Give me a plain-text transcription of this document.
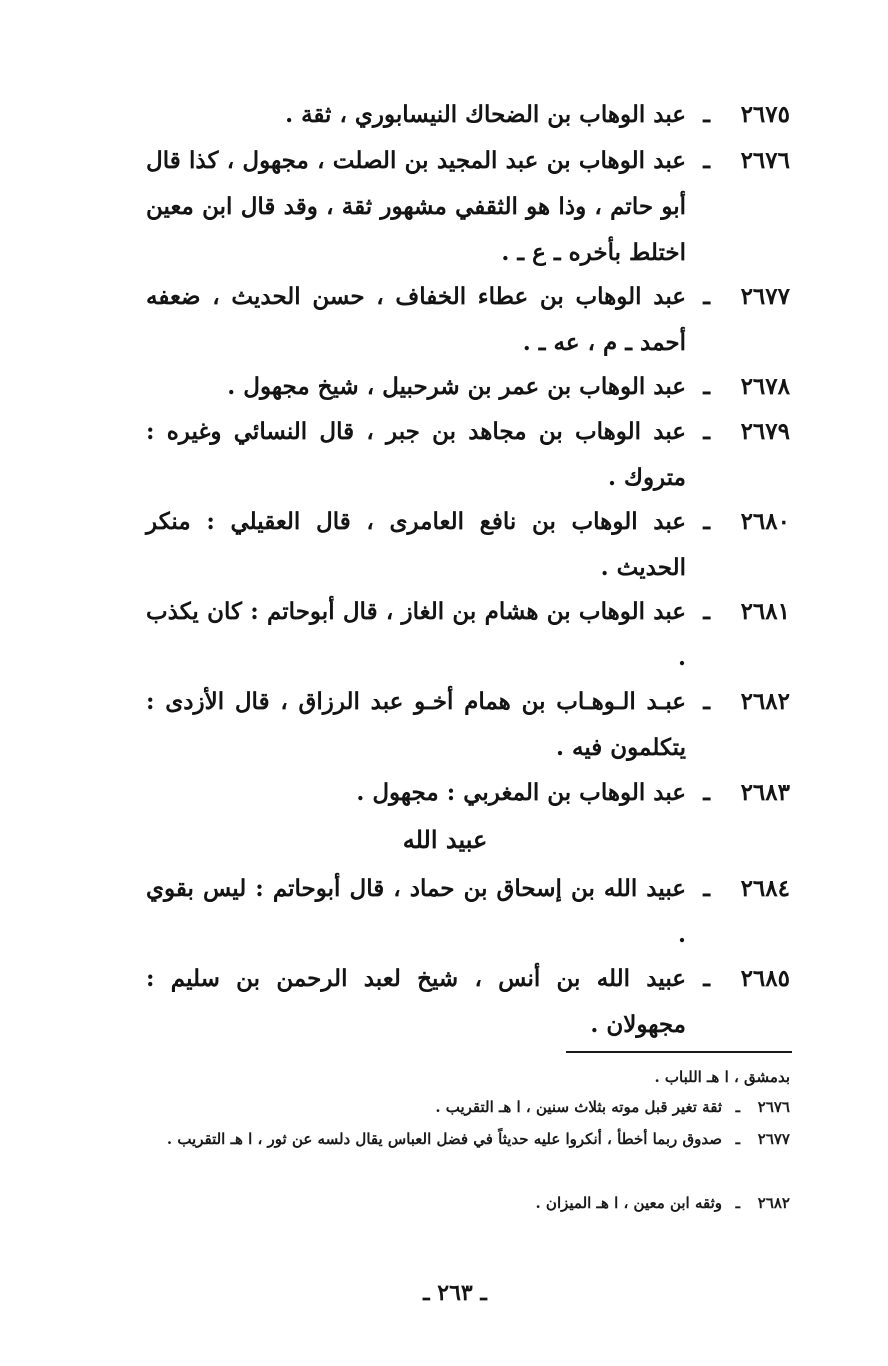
٢٦٧٥
ـ
عبد الوهاب بن الضحاك النيسابوري ، ثقة .
٢٦٧٦
ـ
عبد الوهاب بن عبد المجيد بن الصلت ، مجهول ، كذا قال أبو حاتم ، وذا هو الثقفي مشهور ثقة ، وقد قال ابن معين اختلط بأخره ـ ع ـ .
٢٦٧٧
ـ
عبد الوهاب بن عطاء الخفاف ، حسن الحديث ، ضعفه أحمد ـ م ، عه ـ .
٢٦٧٨
ـ
عبد الوهاب بن عمر بن شرحبيل ، شيخ مجهول .
٢٦٧٩
ـ
عبد الوهاب بن مجاهد بن جبر ، قال النسائي وغيره : متروك .
٢٦٨٠
ـ
عبد الوهاب بن نافع العامرى ، قال العقيلي : منكر الحديث .
٢٦٨١
ـ
عبد الوهاب بن هشام بن الغاز ، قال أبوحاتم : كان يكذب .
٢٦٨٢
ـ
عبـد الـوهـاب بن همام أخـو عبد الرزاق ، قال الأزدى : يتكلمون فيه .
٢٦٨٣
ـ
عبد الوهاب بن المغربي : مجهول .
عبيد الله
٢٦٨٤
ـ
عبيد الله بن إسحاق بن حماد ، قال أبوحاتم : ليس بقوي .
٢٦٨٥
ـ
عبيد الله بن أنس ، شيخ لعبد الرحمن بن سليم : مجهولان .
بدمشق ، ا هـ اللباب .
٢٦٧٦
ـ
ثقة تغير قبل موته بثلاث سنين ، ا هـ التقريب .
٢٦٧٧
ـ
صدوق ربما أخطأ ، أنكروا عليه حديثاً في فضل العباس يقال دلسه عن ثور ، ا هـ التقريب .
٢٦٨٢
ـ
وثقه ابن معين ، ا هـ الميزان .
ـ ٢٦٣ ـ
